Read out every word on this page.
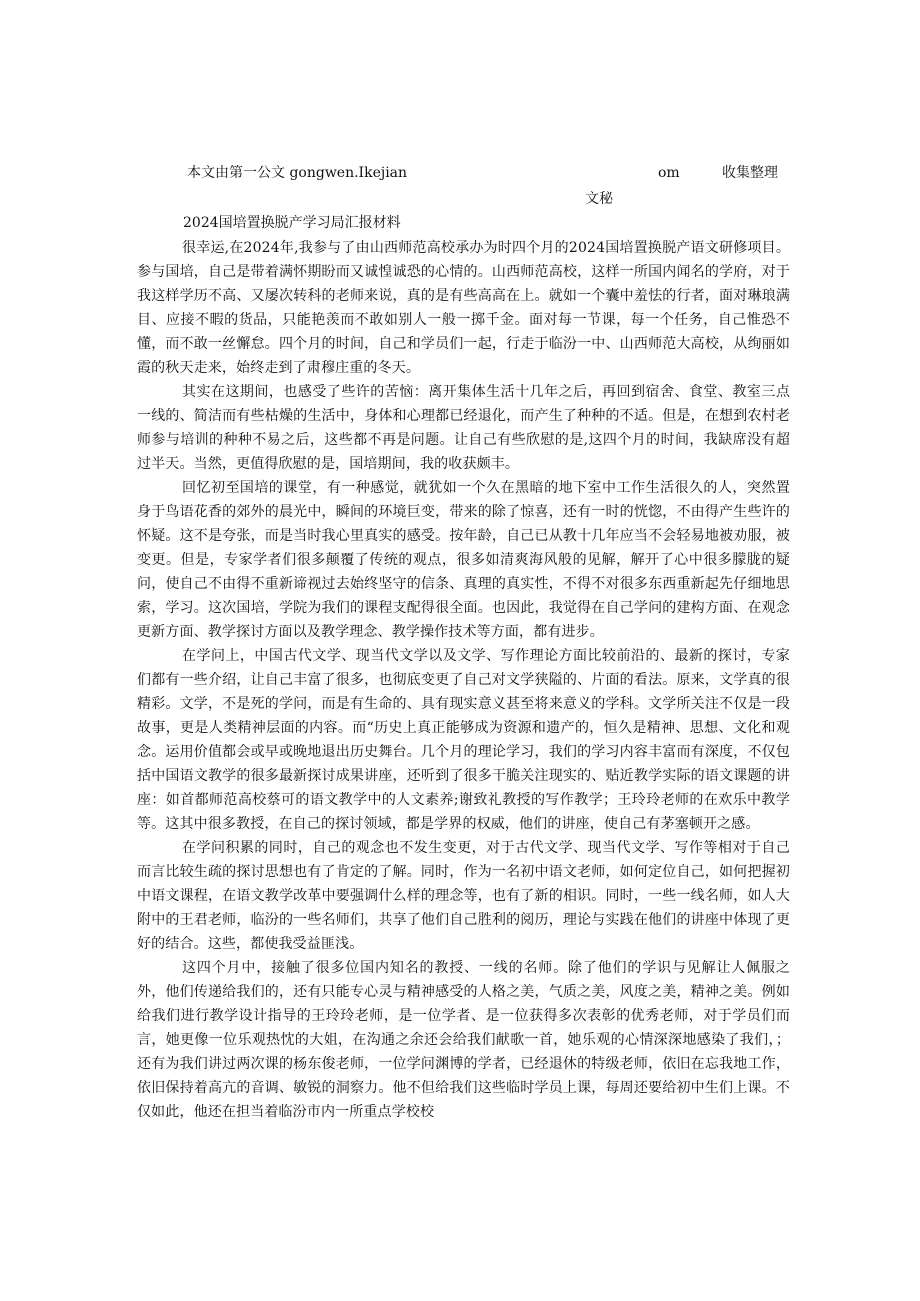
本文由第一公文 gongwen.Ikejian	om	收集整理
文秘
2024国培置换脱产学习局汇报材料

很幸运,在2024年,我参与了由山西师范高校承办为时四个月的2024国培置换脱产语文研修项目。参与国培，自己是带着满怀期盼而又诚惶诚恐的心情的。山西师范高校，这样一所国内闻名的学府，对于我这样学历不高、又屡次转科的老师来说，真的是有些高高在上。就如一个囊中羞怯的行者，面对琳琅满目、应接不暇的货品，只能艳羡而不敢如别人一般一掷千金。面对每一节课，每一个任务，自己惟恐不懂，而不敢一丝懈怠。四个月的时间，自己和学员们一起，行走于临汾一中、山西师范大高校，从绚丽如霞的秋天走来，始终走到了肃穆庄重的冬天。

其实在这期间，也感受了些许的苦恼：离开集体生活十几年之后，再回到宿舍、食堂、教室三点一线的、简洁而有些枯燥的生活中，身体和心理都已经退化，而产生了种种的不适。但是，在想到农村老师参与培训的种种不易之后，这些都不再是问题。让自己有些欣慰的是,这四个月的时间，我缺席没有超过半天。当然，更值得欣慰的是，国培期间，我的收获颇丰。

回忆初至国培的课堂，有一种感觉，就犹如一个久在黑暗的地下室中工作生活很久的人，突然置身于鸟语花香的郊外的晨光中，瞬间的环境巨变，带来的除了惊喜，还有一时的恍惚，不由得产生些许的怀疑。这不是夸张，而是当时我心里真实的感受。按年龄，自己已从教十几年应当不会轻易地被劝服，被变更。但是，专家学者们很多颠覆了传统的观点，很多如清爽海风般的见解，解开了心中很多朦胧的疑问，使自己不由得不重新谛视过去始终坚守的信条、真理的真实性，不得不对很多东西重新起先仔细地思索，学习。这次国培，学院为我们的课程支配得很全面。也因此，我觉得在自己学问的建构方面、在观念更新方面、教学探讨方面以及教学理念、教学操作技术等方面，都有进步。

在学问上，中国古代文学、现当代文学以及文学、写作理论方面比较前沿的、最新的探讨，专家们都有一些介绍，让自己丰富了很多，也彻底变更了自己对文学狭隘的、片面的看法。原来，文学真的很精彩。文学，不是死的学问，而是有生命的、具有现实意义甚至将来意义的学科。文学所关注不仅是一段故事，更是人类精神层面的内容。而“历史上真正能够成为资源和遗产的，恒久是精神、思想、文化和观念。运用价值都会或早或晚地退出历史舞台。几个月的理论学习，我们的学习内容丰富而有深度，不仅包括中国语文教学的很多最新探讨成果讲座，还听到了很多干脆关注现实的、贴近教学实际的语文课题的讲座：如首都师范高校蔡可的语文教学中的人文素养;谢致礼教授的写作教学；王玲玲老师的在欢乐中教学等。这其中很多教授，在自己的探讨领域，都是学界的权威，他们的讲座，使自己有茅塞顿开之感。

在学问积累的同时，自己的观念也不发生变更，对于古代文学、现当代文学、写作等相对于自己而言比较生疏的探讨思想也有了肯定的了解。同时，作为一名初中语文老师，如何定位自己，如何把握初中语文课程，在语文教学改革中要强调什么样的理念等，也有了新的相识。同时，一些一线名师，如人大附中的王君老师，临汾的一些名师们，共享了他们自己胜利的阅历，理论与实践在他们的讲座中体现了更好的结合。这些，都使我受益匪浅。

这四个月中，接触了很多位国内知名的教授、一线的名师。除了他们的学识与见解让人佩服之外，他们传递给我们的，还有只能专心灵与精神感受的人格之美，气质之美，风度之美，精神之美。例如给我们进行教学设计指导的王玲玲老师，是一位学者、是一位获得多次表彰的优秀老师，对于学员们而言，她更像一位乐观热忱的大姐，在沟通之余还会给我们献歌一首，她乐观的心情深深地感染了我们，；还有为我们讲过两次课的杨东俊老师，一位学问渊博的学者，已经退休的特级老师，依旧在忘我地工作，依旧保持着高亢的音调、敏锐的洞察力。他不但给我们这些临时学员上课，每周还要给初中生们上课。不仅如此，他还在担当着临汾市内一所重点学校校
